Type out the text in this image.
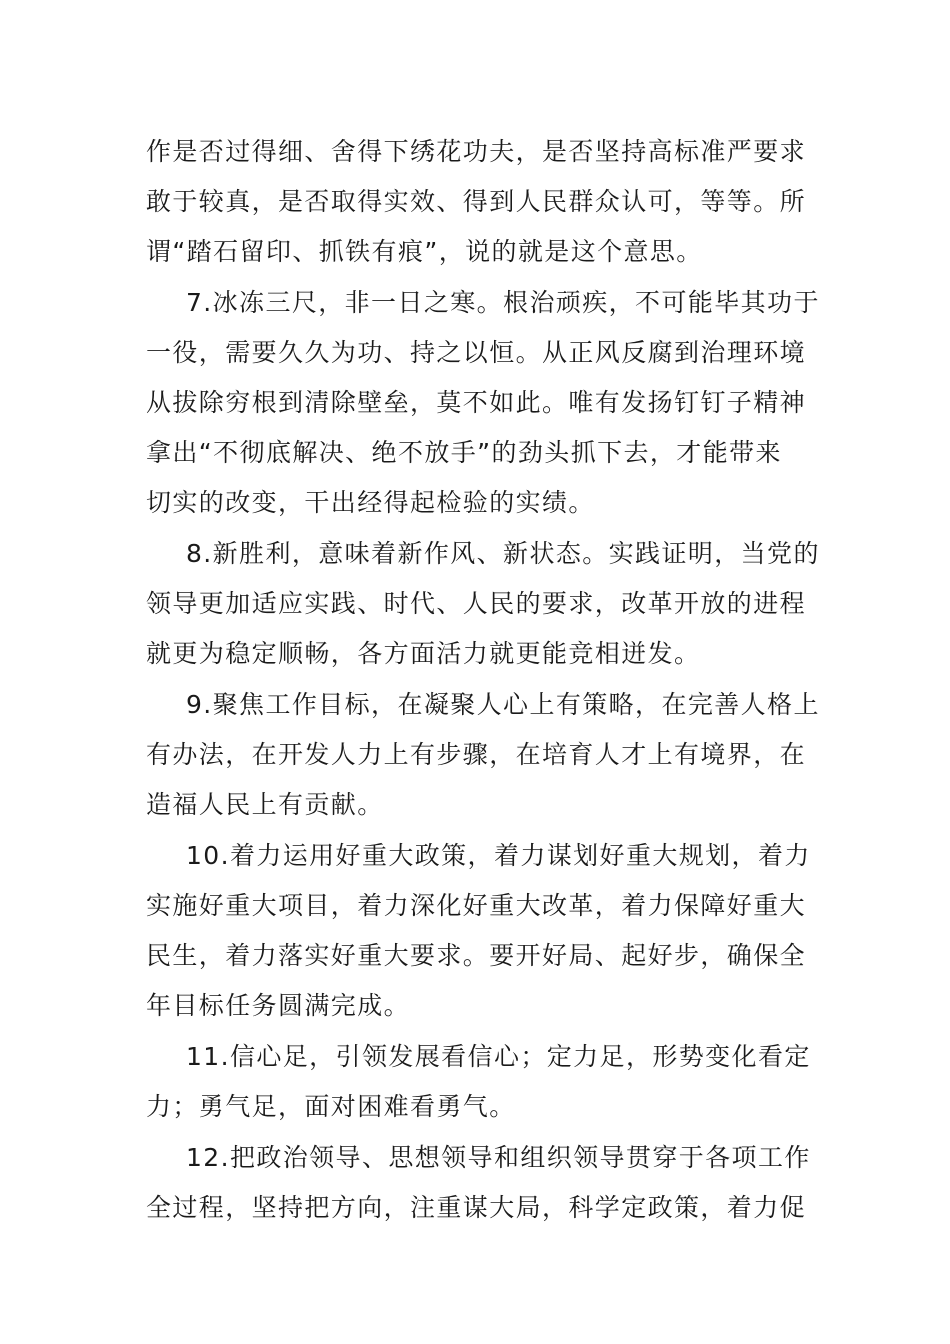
作是否过得细、舍得下绣花功夫，是否坚持高标准严要求
敢于较真，是否取得实效、得到人民群众认可，等等。所
谓“踏石留印、抓铁有痕”，说的就是这个意思。
7.冰冻三尺，非一日之寒。根治顽疾，不可能毕其功于
一役，需要久久为功、持之以恒。从正风反腐到治理环境
从拔除穷根到清除壁垒，莫不如此。唯有发扬钉钉子精神
拿出“不彻底解决、绝不放手”的劲头抓下去，才能带来
切实的改变，干出经得起检验的实绩。
8.新胜利，意味着新作风、新状态。实践证明，当党的
领导更加适应实践、时代、人民的要求，改革开放的进程
就更为稳定顺畅，各方面活力就更能竞相迸发。
9.聚焦工作目标，在凝聚人心上有策略，在完善人格上
有办法，在开发人力上有步骤，在培育人才上有境界，在
造福人民上有贡献。
10.着力运用好重大政策，着力谋划好重大规划，着力
实施好重大项目，着力深化好重大改革，着力保障好重大
民生，着力落实好重大要求。要开好局、起好步，确保全
年目标任务圆满完成。
11.信心足，引领发展看信心；定力足，形势变化看定
力；勇气足，面对困难看勇气。
12.把政治领导、思想领导和组织领导贯穿于各项工作
全过程，坚持把方向，注重谋大局，科学定政策，着力促
